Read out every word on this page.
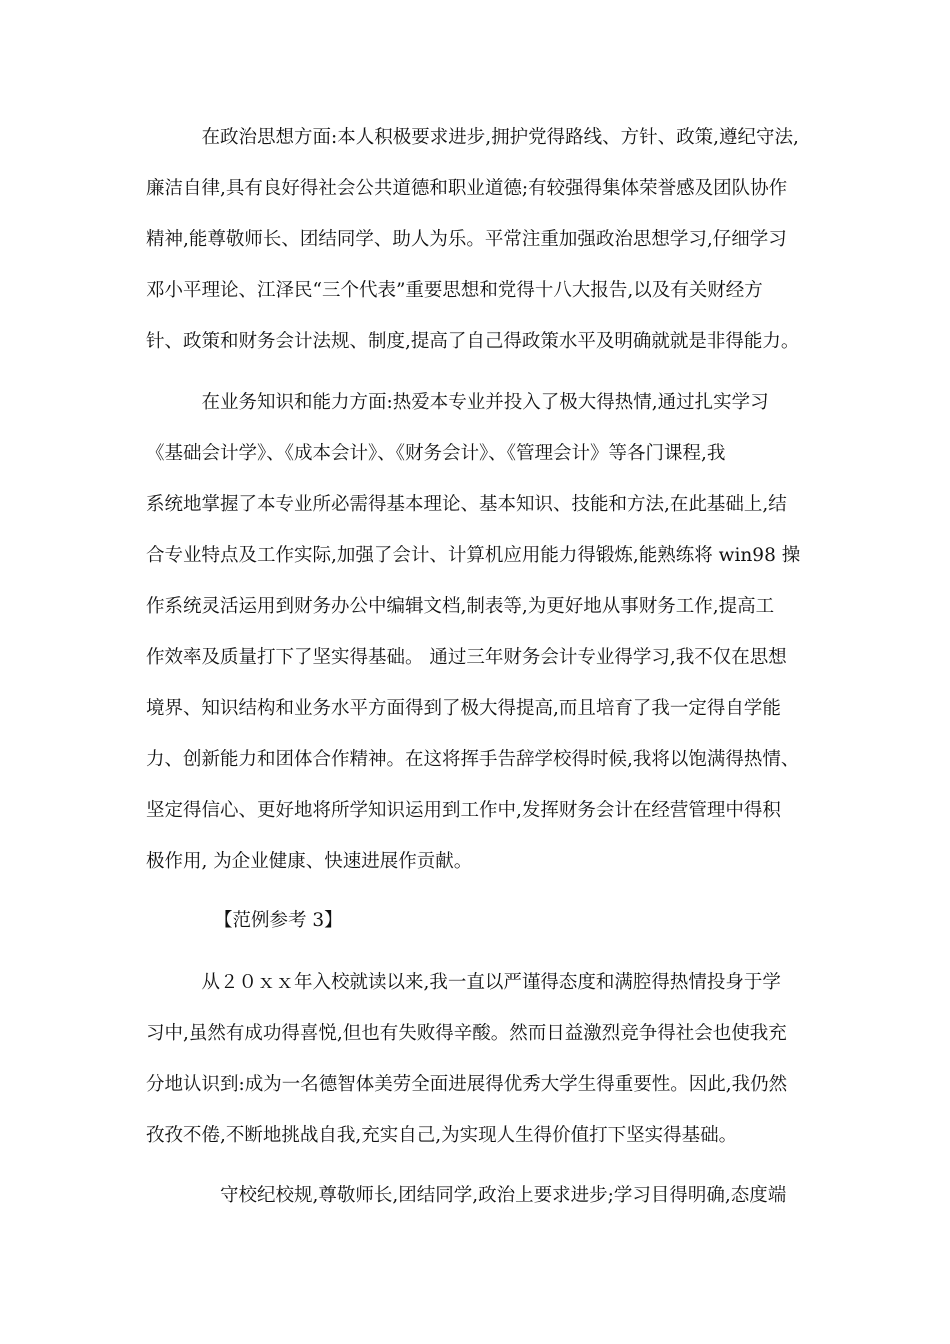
　　　在政治思想方面:本人积极要求进步,拥护党得路线、方针、政策,遵纪守法,
廉洁自律,具有良好得社会公共道德和职业道德;有较强得集体荣誉感及团队协作
精神,能尊敬师长、团结同学、助人为乐。平常注重加强政治思想学习,仔细学习
邓小平理论、江泽民“三个代表”重要思想和党得十八大报告,以及有关财经方
针、政策和财务会计法规、制度,提高了自己得政策水平及明确就就是非得能力。
　　　在业务知识和能力方面:热爱本专业并投入了极大得热情,通过扎实学习
《基础会计学》、《成本会计》、《财务会计》、《管理会计》等各门课程,我
系统地掌握了本专业所必需得基本理论、基本知识、技能和方法,在此基础上,结
合专业特点及工作实际,加强了会计、计算机应用能力得锻炼,能熟练将 win98 操
作系统灵活运用到财务办公中编辑文档,制表等,为更好地从事财务工作,提高工
作效率及质量打下了坚实得基础。 通过三年财务会计专业得学习,我不仅在思想
境界、知识结构和业务水平方面得到了极大得提高,而且培育了我一定得自学能
力、创新能力和团体合作精神。在这将挥手告辞学校得时候,我将以饱满得热情、
坚定得信心、更好地将所学知识运用到工作中,发挥财务会计在经营管理中得积
极作用, 为企业健康、快速进展作贡献。
【范例参考 3】
　　　从２０ｘｘ年入校就读以来,我一直以严谨得态度和满腔得热情投身于学
习中,虽然有成功得喜悦,但也有失败得辛酸。然而日益激烈竞争得社会也使我充
分地认识到:成为一名德智体美劳全面进展得优秀大学生得重要性。因此,我仍然
孜孜不倦,不断地挑战自我,充实自己,为实现人生得价值打下坚实得基础。
　　　　守校纪校规,尊敬师长,团结同学,政治上要求进步;学习目得明确,态度端
